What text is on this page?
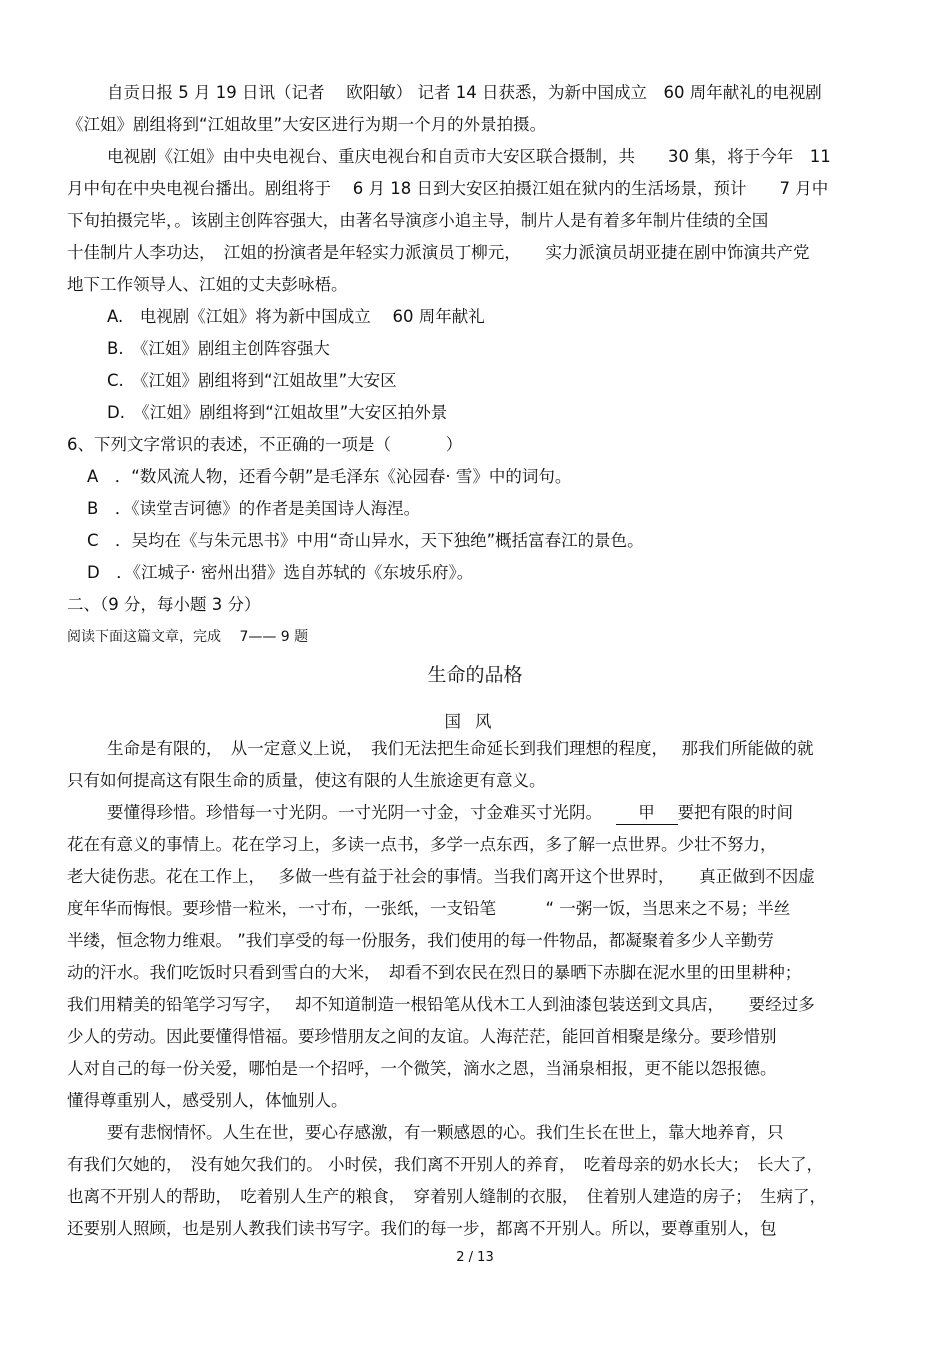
自贡日报 5 月 19 日讯（记者　 欧阳敏） 记者 14 日获悉，为新中国成立　60 周年献礼的电视剧
《江姐》剧组将到“江姐故里”大安区进行为期一个月的外景拍摄。
电视剧《江姐》由中央电视台、重庆电视台和自贡市大安区联合摄制，共　　30 集，将于今年　11
月中旬在中央电视台播出。剧组将于　 6 月 18 日到大安区拍摄江姐在狱内的生活场景，预计　　7 月中
下旬拍摄完毕，。该剧主创阵容强大，由著名导演彦小追主导，制片人是有着多年制片佳绩的全国
十佳制片人李功达，　江姐的扮演者是年轻实力派演员丁柳元，　　实力派演员胡亚捷在剧中饰演共产党
地下工作领导人、江姐的丈夫彭咏梧。
A.　电视剧《江姐》将为新中国成立　 60 周年献礼
B.　《江姐》剧组主创阵容强大
C.　《江姐》剧组将到“江姐故里”大安区
D.　《江姐》剧组将到“江姐故里”大安区拍外景
6、下列文字常识的表述，不正确的一项是（　　　 ）
A　．“数风流人物，还看今朝”是毛泽东《沁园春· 雪》中的词句。
B　．《读堂吉诃德》的作者是美国诗人海涅。
C　．吴均在《与朱元思书》中用“奇山异水，天下独绝”概括富春江的景色。
D　．《江城子· 密州出猎》选自苏轼的《东坡乐府》。
二、（9 分，每小题 3 分）
阅读下面这篇文章，完成　 7—— 9 题
生命的品格
国风
生命是有限的，　从一定意义上说，　我们无法把生命延长到我们理想的程度，　 那我们所能做的就
只有如何提高这有限生命的质量，使这有限的人生旅途更有意义。
要懂得珍惜。珍惜每一寸光阴。一寸光阴一寸金，寸金难买寸光阴。　 甲 要把有限的时间
花在有意义的事情上。花在学习上，多读一点书，多学一点东西，多了解一点世界。少壮不努力，
老大徒伤悲。花在工作上，　 多做一些有益于社会的事情。当我们离开这个世界时，　　真正做到不因虚
度年华而悔恨。要珍惜一粒米，一寸布，一张纸，一支铅笔　　　“ 一粥一饭，当思来之不易；半丝
半缕，恒念物力维艰。 ”我们享受的每一份服务，我们使用的每一件物品，都凝聚着多少人辛勤劳
动的汗水。我们吃饭时只看到雪白的大米，　却看不到农民在烈日的暴晒下赤脚在泥水里的田里耕种；
我们用精美的铅笔学习写字，　 却不知道制造一根铅笔从伐木工人到油漆包装送到文具店，　　要经过多
少人的劳动。因此要懂得惜福。要珍惜朋友之间的友谊。人海茫茫，能回首相聚是缘分。要珍惜别
人对自己的每一份关爱，哪怕是一个招呼，一个微笑，滴水之恩，当涌泉相报，更不能以怨报德。
懂得尊重别人，感受别人，体恤别人。
要有悲悯情怀。人生在世，要心存感激，有一颗感恩的心。我们生长在世上，靠大地养育，只
有我们欠她的，　没有她欠我们的。 小时侯，我们离不开别人的养育，　吃着母亲的奶水长大；　长大了，
也离不开别人的帮助，　吃着别人生产的粮食，　穿着别人缝制的衣服，　住着别人建造的房子；　生病了，
还要别人照顾，也是别人教我们读书写字。我们的每一步，都离不开别人。所以，要尊重别人，包
2 / 13
